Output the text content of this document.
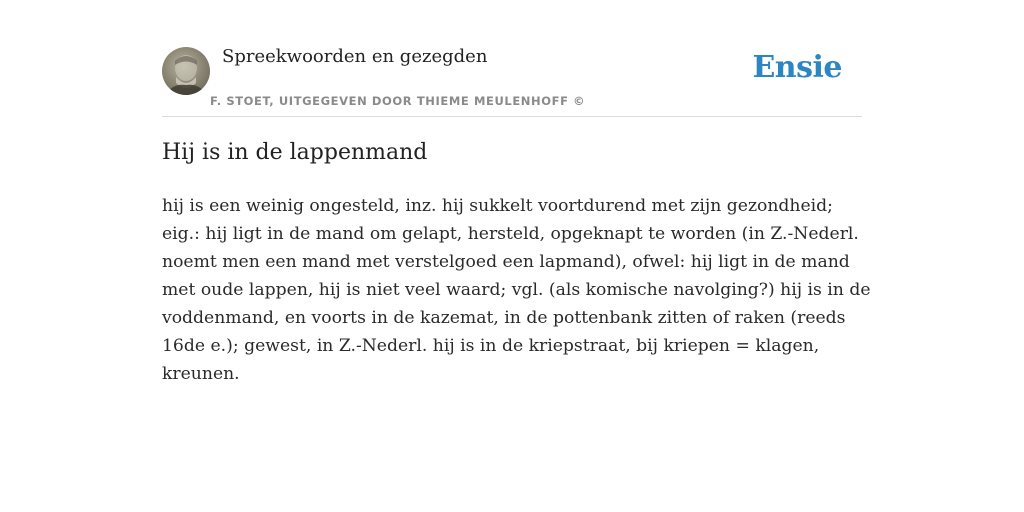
Spreekwoorden en gezegden
F. STOET, UITGEGEVEN DOOR THIEME MEULENHOFF ©
Ensie
Hij is in de lappenmand
hij is een weinig ongesteld, inz. hij sukkelt voortdurend met zijn gezondheid;
eig.: hij ligt in de mand om gelapt, hersteld, opgeknapt te worden (in Z.-Nederl.
noemt men een mand met verstelgoed een lapmand), ofwel: hij ligt in de mand
met oude lappen, hij is niet veel waard; vgl. (als komische navolging?) hij is in de
voddenmand, en voorts in de kazemat, in de pottenbank zitten of raken (reeds
16de e.); gewest, in Z.-Nederl. hij is in de kriepstraat, bij kriepen = klagen,
kreunen.
